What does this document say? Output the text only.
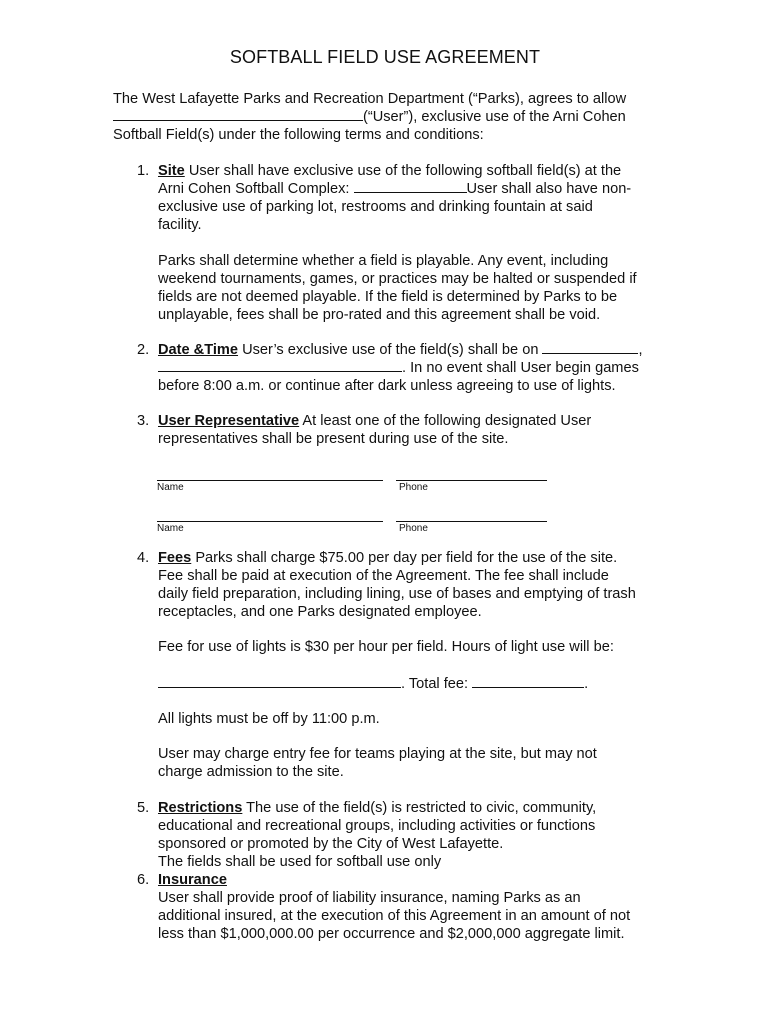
SOFTBALL FIELD USE AGREEMENT
The West Lafayette Parks and Recreation Department (“Parks), agrees to allow
(“User”), exclusive use of the Arni Cohen
Softball Field(s) under the following terms and conditions:
1. Site User shall have exclusive use of the following softball field(s) at the
Arni Cohen Softball Complex:	User shall also have non-
exclusive use of parking lot, restrooms and drinking fountain at said
facility.
Parks shall determine whether a field is playable. Any event, including
weekend tournaments, games, or practices may be halted or suspended if
fields are not deemed playable. If the field is determined by Parks to be
unplayable, fees shall be pro-rated and this agreement shall be void.
2. Date &Time User’s exclusive use of the field(s) shall be on	,
. In no event shall User begin games
before 8:00 a.m. or continue after dark unless agreeing to use of lights.
3. User Representative At least one of the following designated User
representatives shall be present during use of the site.
Name	Phone
Name	Phone
4. Fees Parks shall charge $75.00 per day per field for the use of the site.
Fee shall be paid at execution of the Agreement. The fee shall include
daily field preparation, including lining, use of bases and emptying of trash
receptacles, and one Parks designated employee.
Fee for use of lights is $30 per hour per field. Hours of light use will be:
. Total fee:	.
All lights must be off by 11:00 p.m.
User may charge entry fee for teams playing at the site, but may not
charge admission to the site.
5. Restrictions The use of the field(s) is restricted to civic, community,
educational and recreational groups, including activities or functions
sponsored or promoted by the City of West Lafayette.
The fields shall be used for softball use only
6. Insurance
User shall provide proof of liability insurance, naming Parks as an
additional insured, at the execution of this Agreement in an amount of not
less than $1,000,000.00 per occurrence and $2,000,000 aggregate limit.
